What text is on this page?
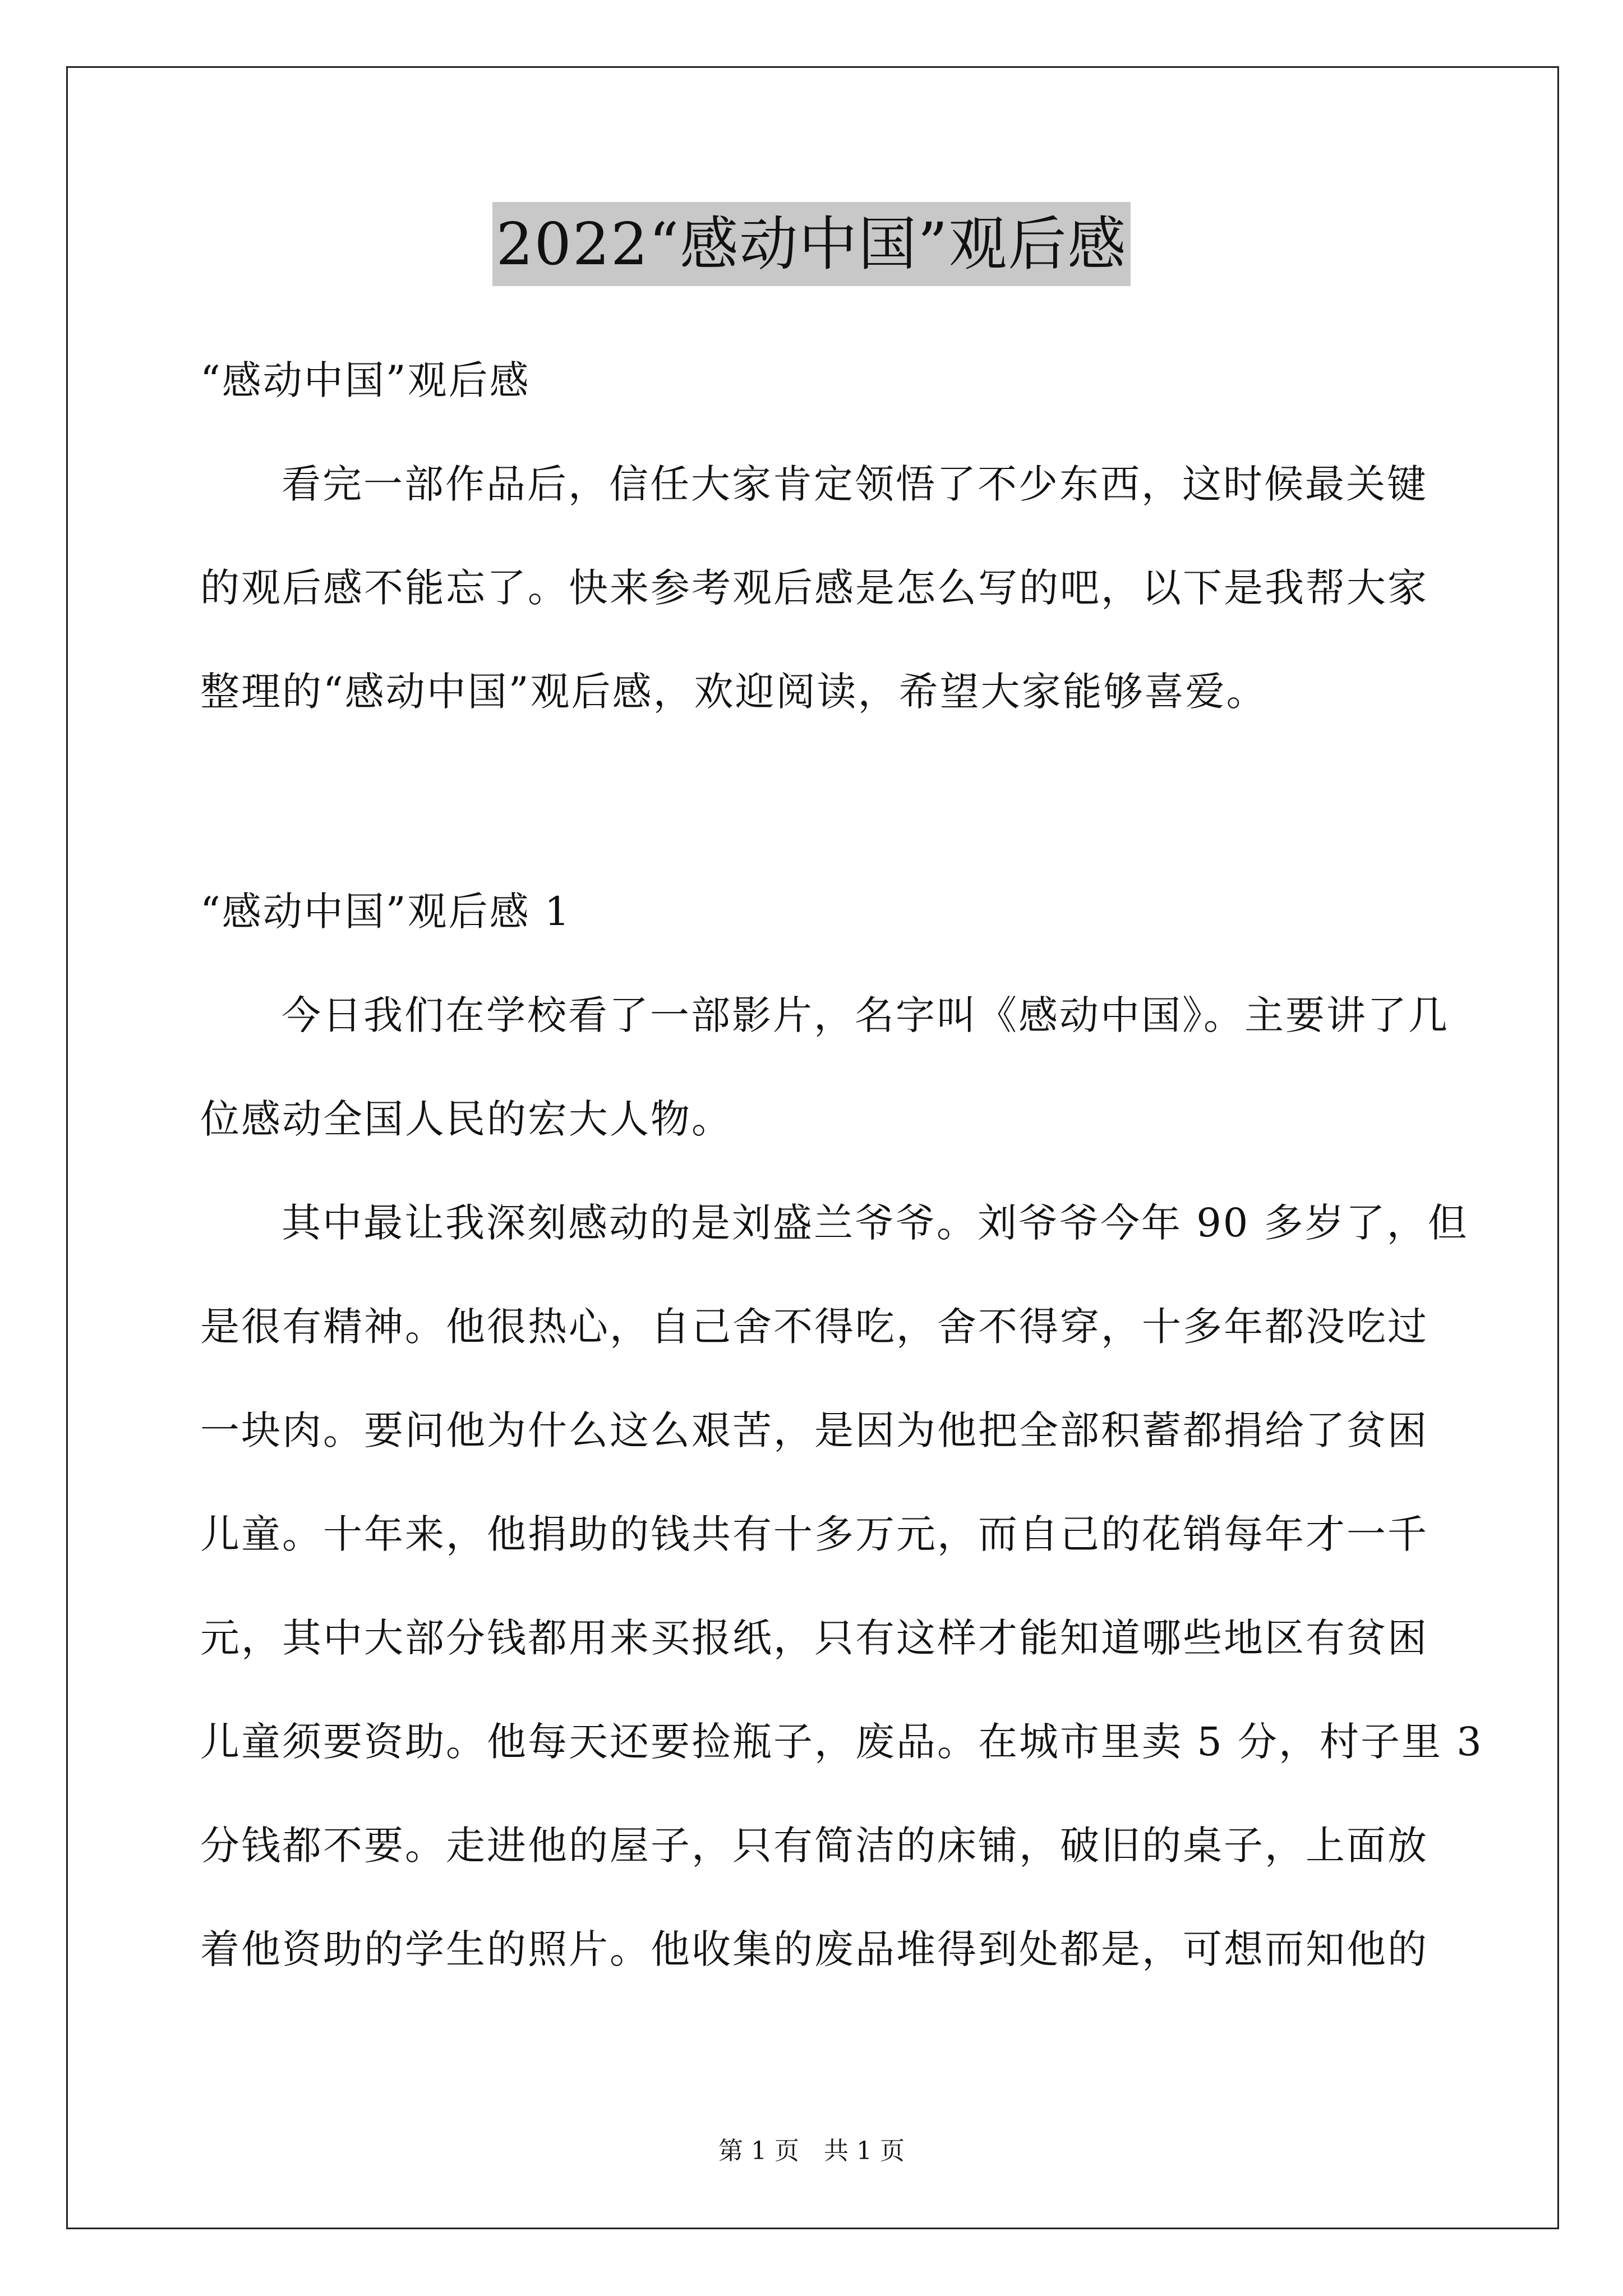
2022“感动中国”观后感
“感动中国”观后感
看完一部作品后，信任大家肯定领悟了不少东西，这时候最关键
的观后感不能忘了。快来参考观后感是怎么写的吧，以下是我帮大家
整理的“感动中国”观后感，欢迎阅读，希望大家能够喜爱。
“感动中国”观后感 1
今日我们在学校看了一部影片，名字叫《感动中国》。主要讲了几
位感动全国人民的宏大人物。
其中最让我深刻感动的是刘盛兰爷爷。刘爷爷今年 90 多岁了，但
是很有精神。他很热心，自己舍不得吃，舍不得穿，十多年都没吃过
一块肉。要问他为什么这么艰苦，是因为他把全部积蓄都捐给了贫困
儿童。十年来，他捐助的钱共有十多万元，而自己的花销每年才一千
元，其中大部分钱都用来买报纸，只有这样才能知道哪些地区有贫困
儿童须要资助。他每天还要捡瓶子，废品。在城市里卖 5 分，村子里 3
分钱都不要。走进他的屋子，只有简洁的床铺，破旧的桌子，上面放
着他资助的学生的照片。他收集的废品堆得到处都是，可想而知他的
第 1 页　共 1 页
